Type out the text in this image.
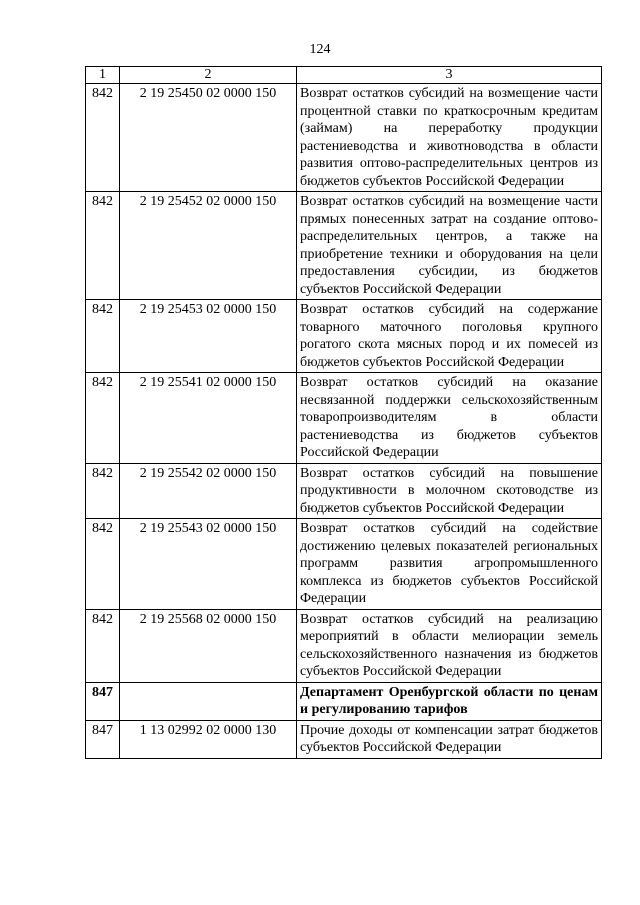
124
1	2	3
842	2 19 25450 02 0000 150	Возврат остатков субсидий на возмещение части процентной ставки по краткосрочным кредитам (займам) на переработку продукции растениеводства и животноводства в области развития оптово-распределительных центров из бюджетов субъектов Российской Федерации
842	2 19 25452 02 0000 150	Возврат остатков субсидий на возмещение части прямых понесенных затрат на создание оптово-распределительных центров, а также на приобретение техники и оборудования на цели предоставления субсидии, из бюджетов субъектов Российской Федерации
842	2 19 25453 02 0000 150	Возврат остатков субсидий на содержание товарного маточного поголовья крупного рогатого скота мясных пород и их помесей из бюджетов субъектов Российской Федерации
842	2 19 25541 02 0000 150	Возврат остатков субсидий на оказание несвязанной поддержки сельскохозяйственным товаропроизводителям в области растениеводства из бюджетов субъектов Российской Федерации
842	2 19 25542 02 0000 150	Возврат остатков субсидий на повышение продуктивности в молочном скотоводстве из бюджетов субъектов Российской Федерации
842	2 19 25543 02 0000 150	Возврат остатков субсидий на содействие достижению целевых показателей региональных программ развития агропромышленного комплекса из бюджетов субъектов Российской Федерации
842	2 19 25568 02 0000 150	Возврат остатков субсидий на реализацию мероприятий в области мелиорации земель сельскохозяйственного назначения из бюджетов субъектов Российской Федерации
847		Департамент Оренбургской области по ценам и регулированию тарифов
847	1 13 02992 02 0000 130	Прочие доходы от компенсации затрат бюджетов субъектов Российской Федерации
